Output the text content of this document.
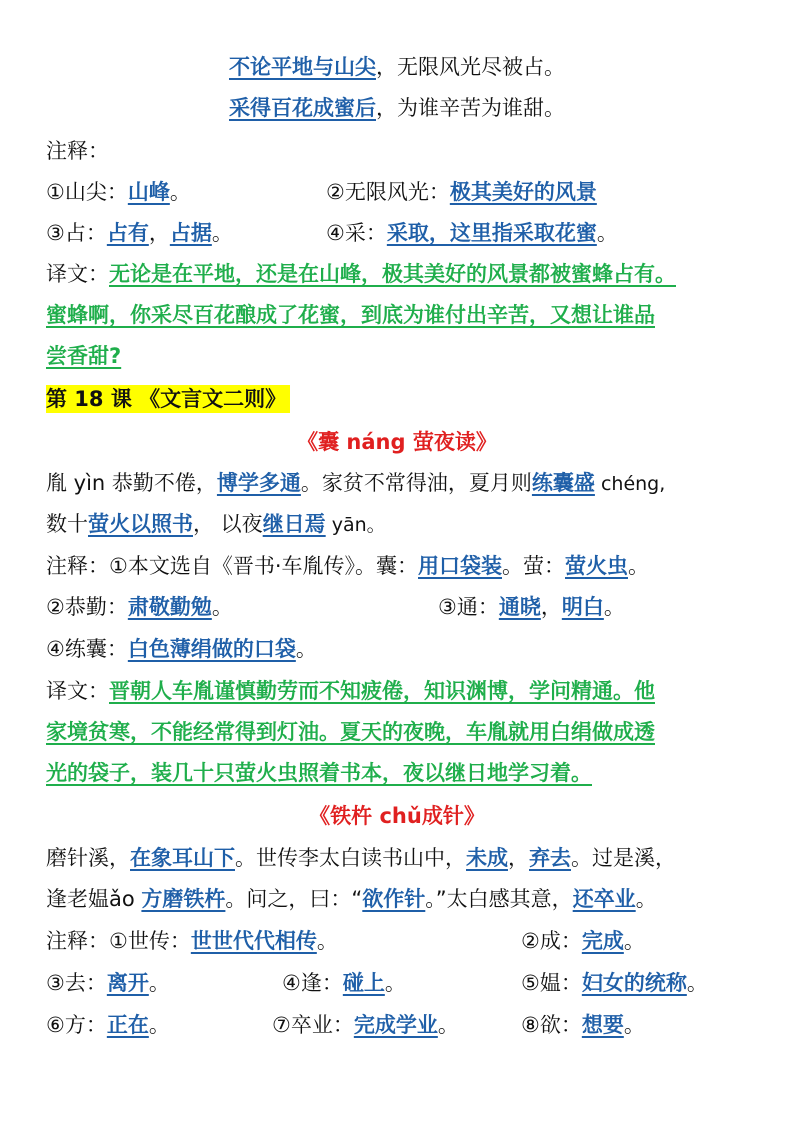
不论平地与山尖，无限风光尽被占。
采得百花成蜜后，为谁辛苦为谁甜。
注释：
①山尖：山峰。	②无限风光：极其美好的风景
③占：占有，占据。	④采：采取，这里指采取花蜜。
译文：无论是在平地，还是在山峰，极其美好的风景都被蜜蜂占有。
蜜蜂啊，你采尽百花酿成了花蜜，到底为谁付出辛苦，又想让谁品
尝香甜?
第 18 课 《文言文二则》
《囊 náng 萤夜读》
胤 yìn 恭勤不倦，博学多通。家贫不常得油，夏月则练囊盛 chéng,
数十萤火以照书， 以夜继日焉 yān。
注释：①本文选自《晋书·车胤传》。囊：用口袋装。萤：萤火虫。
②恭勤：肃敬勤勉。	③通：通晓，明白。
④练囊：白色薄绢做的口袋。
译文：晋朝人车胤谨慎勤劳而不知疲倦，知识渊博，学问精通。他
家境贫寒，不能经常得到灯油。夏天的夜晚，车胤就用白绢做成透
光的袋子，装几十只萤火虫照着书本，夜以继日地学习着。
《铁杵 chǔ成针》
磨针溪，在象耳山下。世传李太白读书山中，未成，弃去。过是溪，
逢老媪ǎo 方磨铁杵。问之，曰：“欲作针。”太白感其意，还卒业。
注释：①世传：世世代代相传。	②成：完成。
③去：离开。	④逢：碰上。	⑤媪：妇女的统称。
⑥方：正在。	⑦卒业：完成学业。	⑧欲：想要。
